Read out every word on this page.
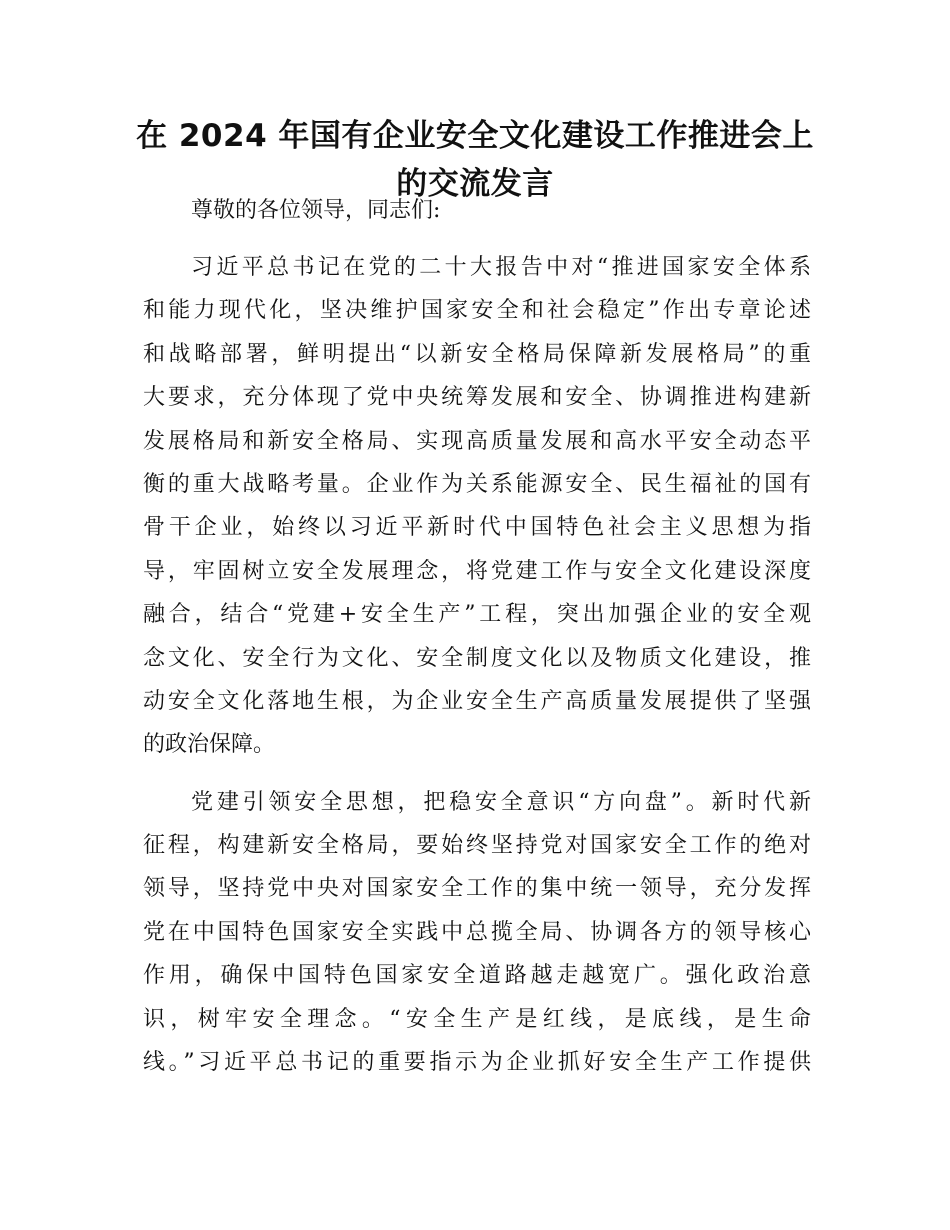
在 2024 年国有企业安全文化建设工作推进会上
的交流发言

尊敬的各位领导，同志们:

习近平总书记在党的二十大报告中对“推进国家安全体系
和能力现代化，坚决维护国家安全和社会稳定”作出专章论述
和战略部署，鲜明提出“以新安全格局保障新发展格局”的重
大要求，充分体现了党中央统筹发展和安全、协调推进构建新
发展格局和新安全格局、实现高质量发展和高水平安全动态平
衡的重大战略考量。企业作为关系能源安全、民生福祉的国有
骨干企业，始终以习近平新时代中国特色社会主义思想为指
导，牢固树立安全发展理念，将党建工作与安全文化建设深度
融合，结合“党建+安全生产”工程，突出加强企业的安全观
念文化、安全行为文化、安全制度文化以及物质文化建设，推
动安全文化落地生根，为企业安全生产高质量发展提供了坚强
的政治保障。
党建引领安全思想，把稳安全意识“方向盘”。新时代新
征程，构建新安全格局，要始终坚持党对国家安全工作的绝对
领导，坚持党中央对国家安全工作的集中统一领导，充分发挥
党在中国特色国家安全实践中总揽全局、协调各方的领导核心
作用，确保中国特色国家安全道路越走越宽广。强化政治意
识，树牢安全理念。“安全生产是红线，是底线，是生命
线。”习近平总书记的重要指示为企业抓好安全生产工作提供
